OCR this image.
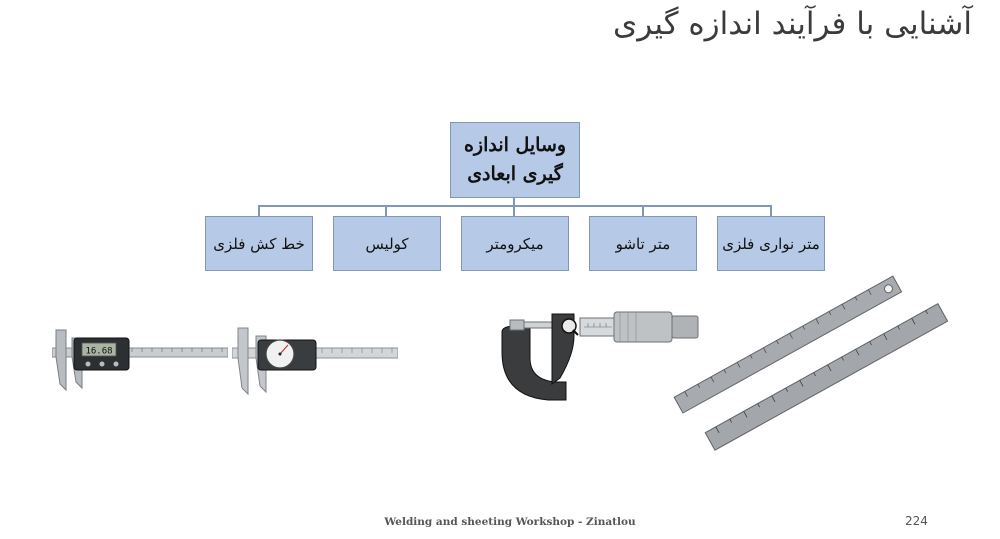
آشنایی با فرآیند اندازه گیری
وسایل اندازه
گیری ابعادی
خط کش فلزی	کولیس	میکرومتر	متر تاشو	متر نواری فلزی
16.68
Welding and sheeting Workshop - Zinatlou	224
